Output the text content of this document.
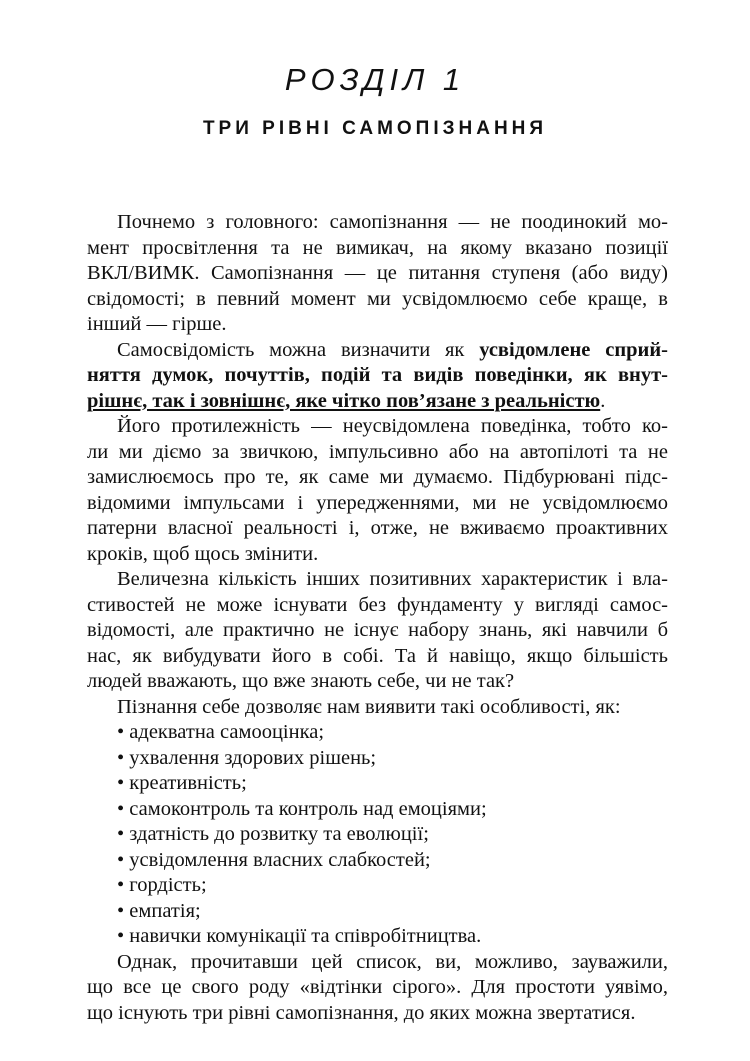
РОЗДІЛ 1
ТРИ РІВНІ САМОПІЗНАННЯ
Почнемо з головного: самопізнання — не поодинокий мо-
мент просвітлення та не вимикач, на якому вказано позиції
ВКЛ/ВИМК. Самопізнання — це питання ступеня (або виду)
свідомості; в певний момент ми усвідомлюємо себе краще, в
інший — гірше.
Самосвідомість можна визначити як усвідомлене сприй-
няття думок, почуттів, подій та видів поведінки, як внут-
рішнє, так і зовнішнє, яке чітко пов’язане з реальністю.
Його протилежність — неусвідомлена поведінка, тобто ко-
ли ми діємо за звичкою, імпульсивно або на автопілоті та не
замислюємось про те, як саме ми думаємо. Підбурювані підс-
відомими імпульсами і упередженнями, ми не усвідомлюємо
патерни власної реальності і, отже, не вживаємо проактивних
кроків, щоб щось змінити.
Величезна кількість інших позитивних характеристик і вла-
стивостей не може існувати без фундаменту у вигляді самос-
відомості, але практично не існує набору знань, які навчили б
нас, як вибудувати його в собі. Та й навіщо, якщо більшість
людей вважають, що вже знають себе, чи не так?
Пізнання себе дозволяє нам виявити такі особливості, як:
• адекватна самооцінка;
• ухвалення здорових рішень;
• креативність;
• самоконтроль та контроль над емоціями;
• здатність до розвитку та еволюції;
• усвідомлення власних слабкостей;
• гордість;
• емпатія;
• навички комунікації та співробітництва.
Однак, прочитавши цей список, ви, можливо, зауважили,
що все це свого роду «відтінки сірого». Для простоти уявімо,
що існують три рівні самопізнання, до яких можна звертатися.
